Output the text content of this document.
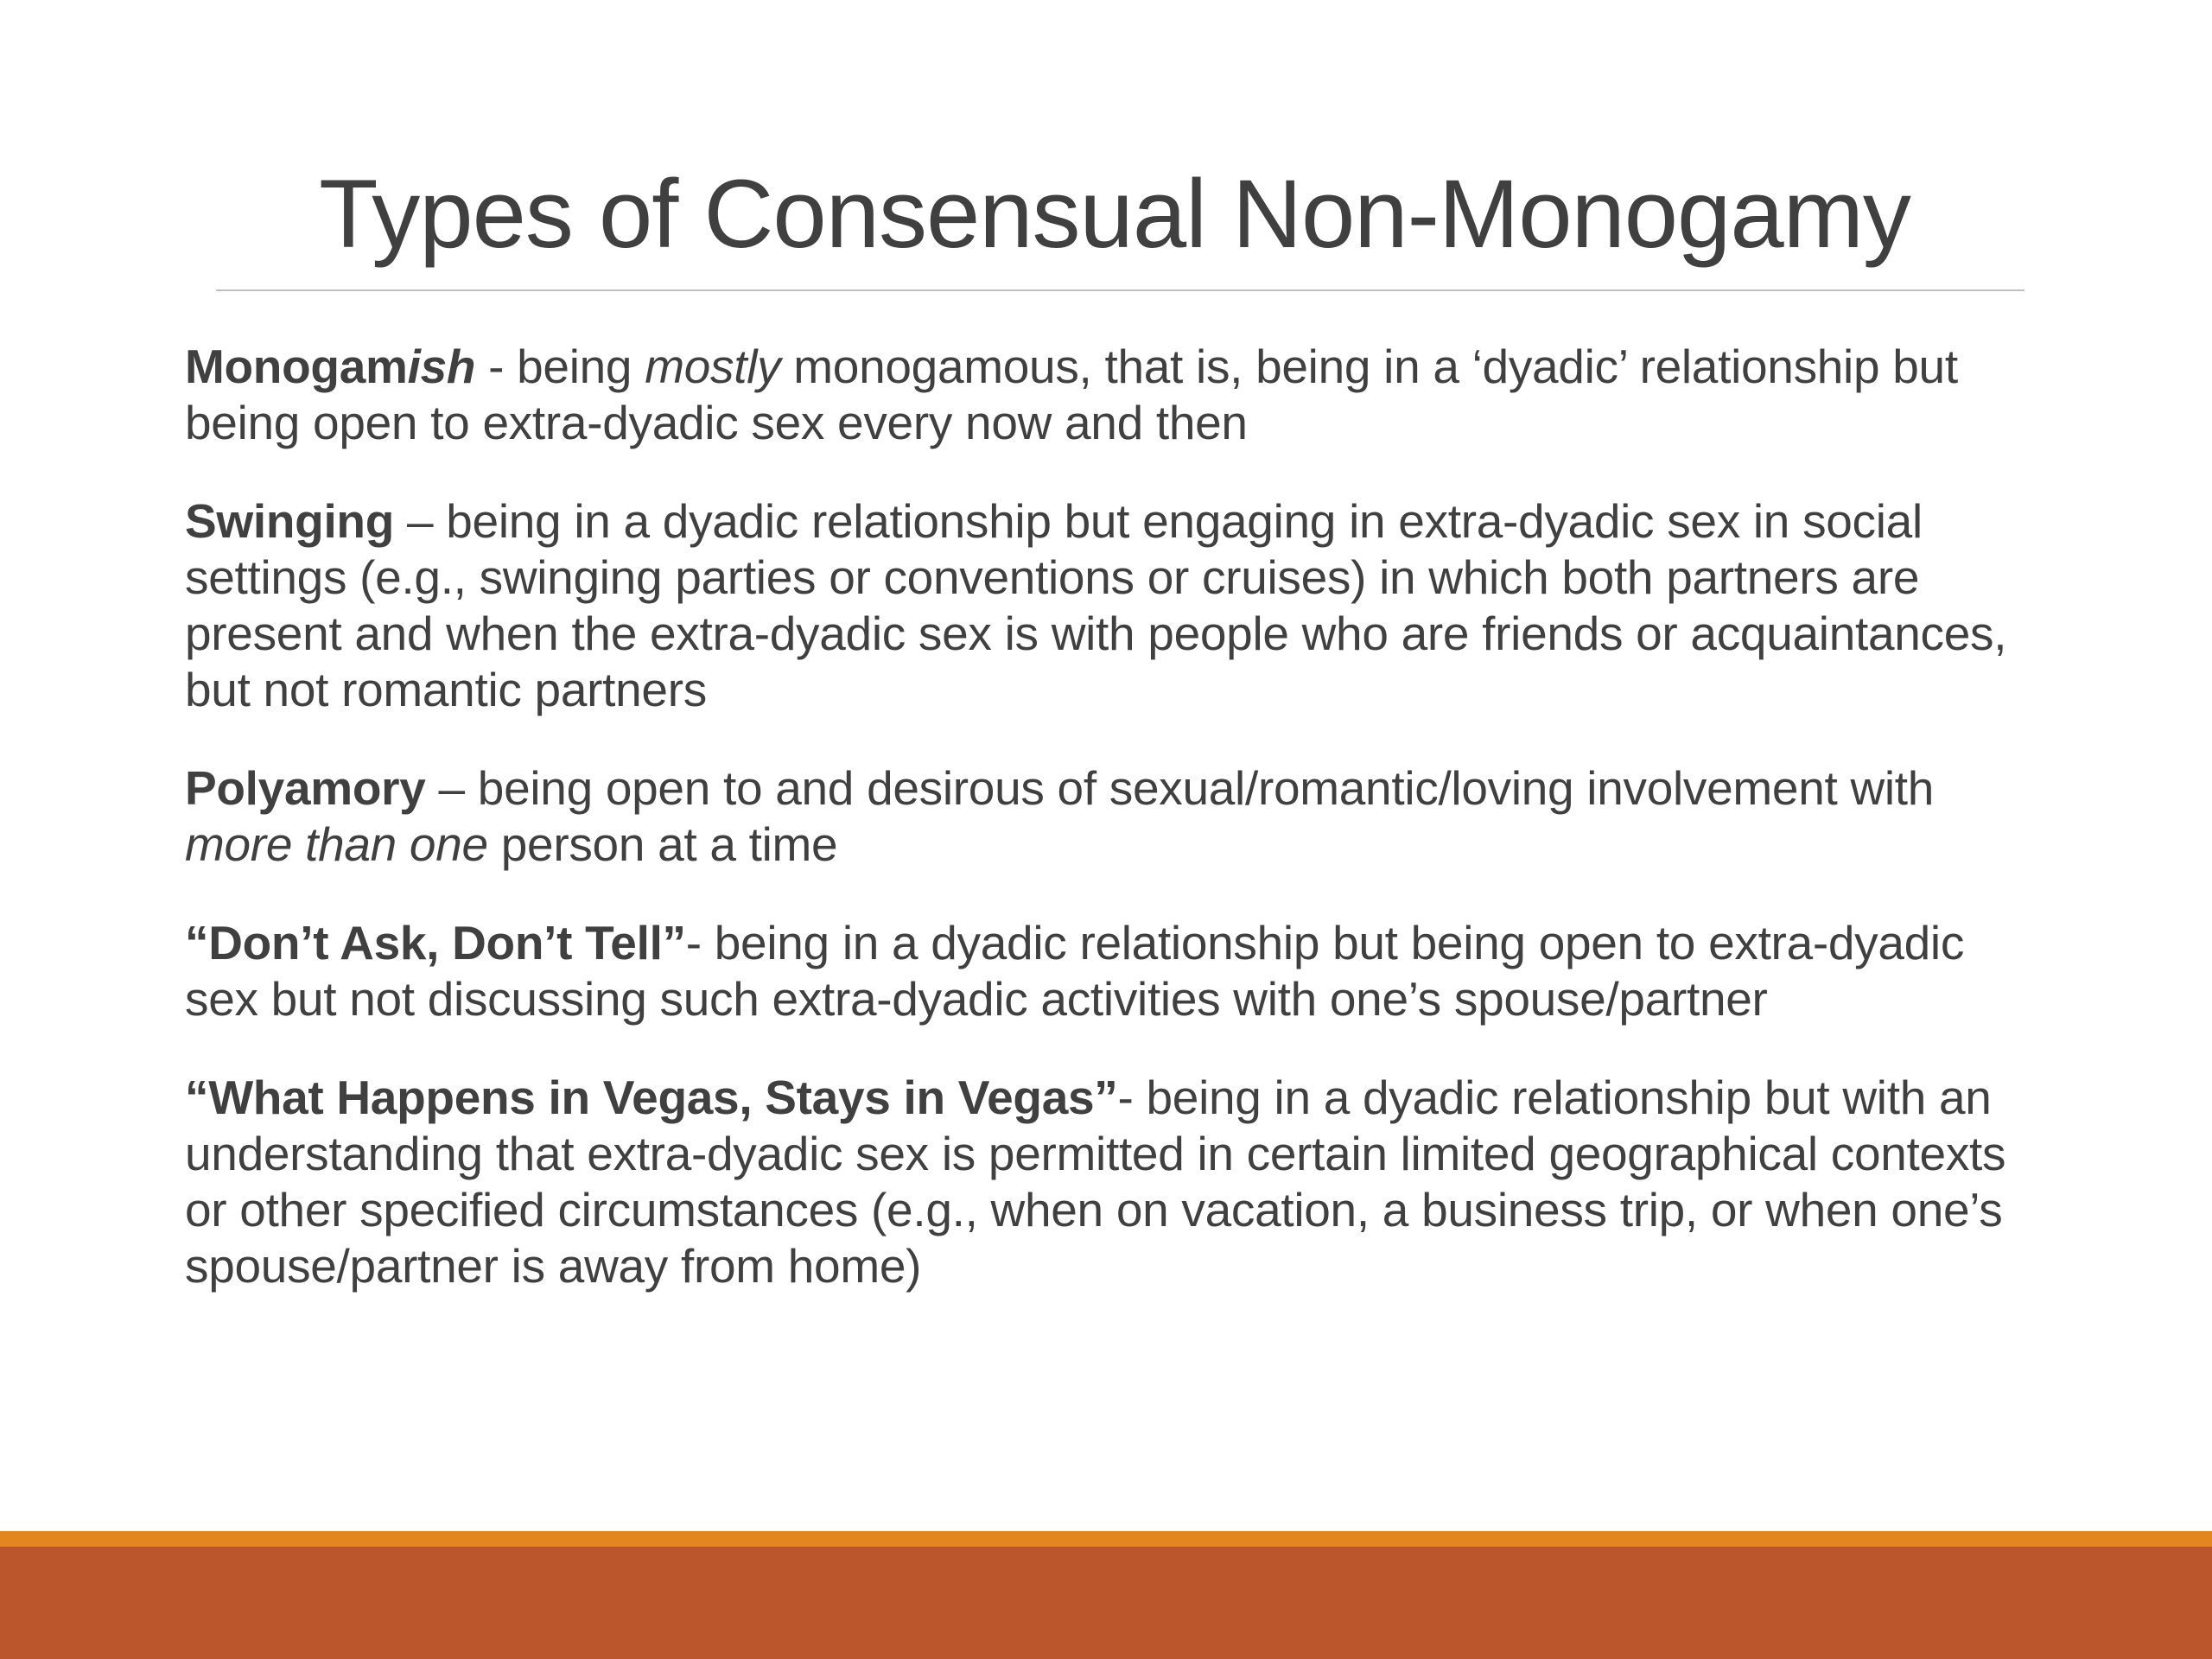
Types of Consensual Non-Monogamy

Monogamish - being mostly monogamous, that is, being in a ‘dyadic’ relationship but being open to extra-dyadic sex every now and then

Swinging – being in a dyadic relationship but engaging in extra-dyadic sex in social settings (e.g., swinging parties or conventions or cruises) in which both partners are present and when the extra-dyadic sex is with people who are friends or acquaintances, but not romantic partners

Polyamory – being open to and desirous of sexual/romantic/loving involvement with more than one person at a time

“Don’t Ask, Don’t Tell”- being in a dyadic relationship but being open to extra-dyadic sex but not discussing such extra-dyadic activities with one’s spouse/partner

“What Happens in Vegas, Stays in Vegas”- being in a dyadic relationship but with an understanding that extra-dyadic sex is permitted in certain limited geographical contexts or other specified circumstances (e.g., when on vacation, a business trip, or when one’s spouse/partner is away from home)
